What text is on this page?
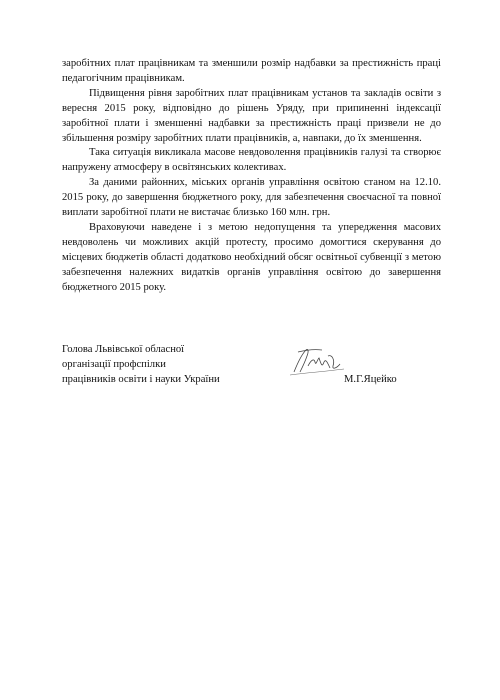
заробітних плат працівникам та зменшили розмір надбавки за престижність праці педагогічним працівникам.

Підвищення рівня заробітних плат працівникам установ та закладів освіти з вересня 2015 року, відповідно до рішень Уряду, при припиненні індексації заробітної плати і зменшенні надбавки за престижність праці призвели не до збільшення розміру заробітних плати працівників, а, навпаки, до їх зменшення.

Така ситуація викликала масове невдоволення працівників галузі та створює напружену атмосферу в освітянських колективах.

За даними районних, міських органів управління освітою станом на 12.10. 2015 року, до завершення бюджетного року, для забезпечення своєчасної та повної виплати заробітної плати не вистачає близько 160 млн. грн.

Враховуючи наведене і з метою недопущення та упередження масових невдоволень чи можливих акцій протесту, просимо домогтися скерування до місцевих бюджетів області додатково необхідний обсяг освітньої субвенції з метою забезпечення належних видатків органів управління освітою до завершення бюджетного 2015 року.

Голова Львівської обласної
організації профспілки
працівників освіти і науки України	М.Г.Яцейко
